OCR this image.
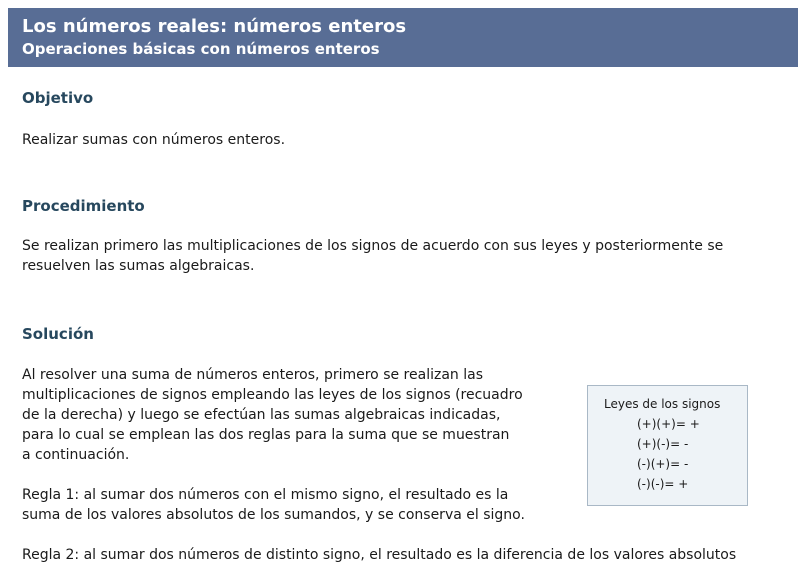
Los números reales: números enteros
Operaciones básicas con números enteros
Objetivo
Realizar sumas con números enteros.
Procedimiento
Se realizan primero las multiplicaciones de los signos de acuerdo con sus leyes y posteriormente se
resuelven las sumas algebraicas.
Solución
Al resolver una suma de números enteros, primero se realizan las
multiplicaciones de signos empleando las leyes de los signos (recuadro
de la derecha) y luego se efectúan las sumas algebraicas indicadas,
para lo cual se emplean las dos reglas para la suma que se muestran
a continuación.
Regla 1: al sumar dos números con el mismo signo, el resultado es la
suma de los valores absolutos de los sumandos, y se conserva el signo.
Regla 2: al sumar dos números de distinto signo, el resultado es la diferencia de los valores absolutos
Leyes de los signos
(+)(+)= +
(+)(-)= -
(-)(+)= -
(-)(-)= +
